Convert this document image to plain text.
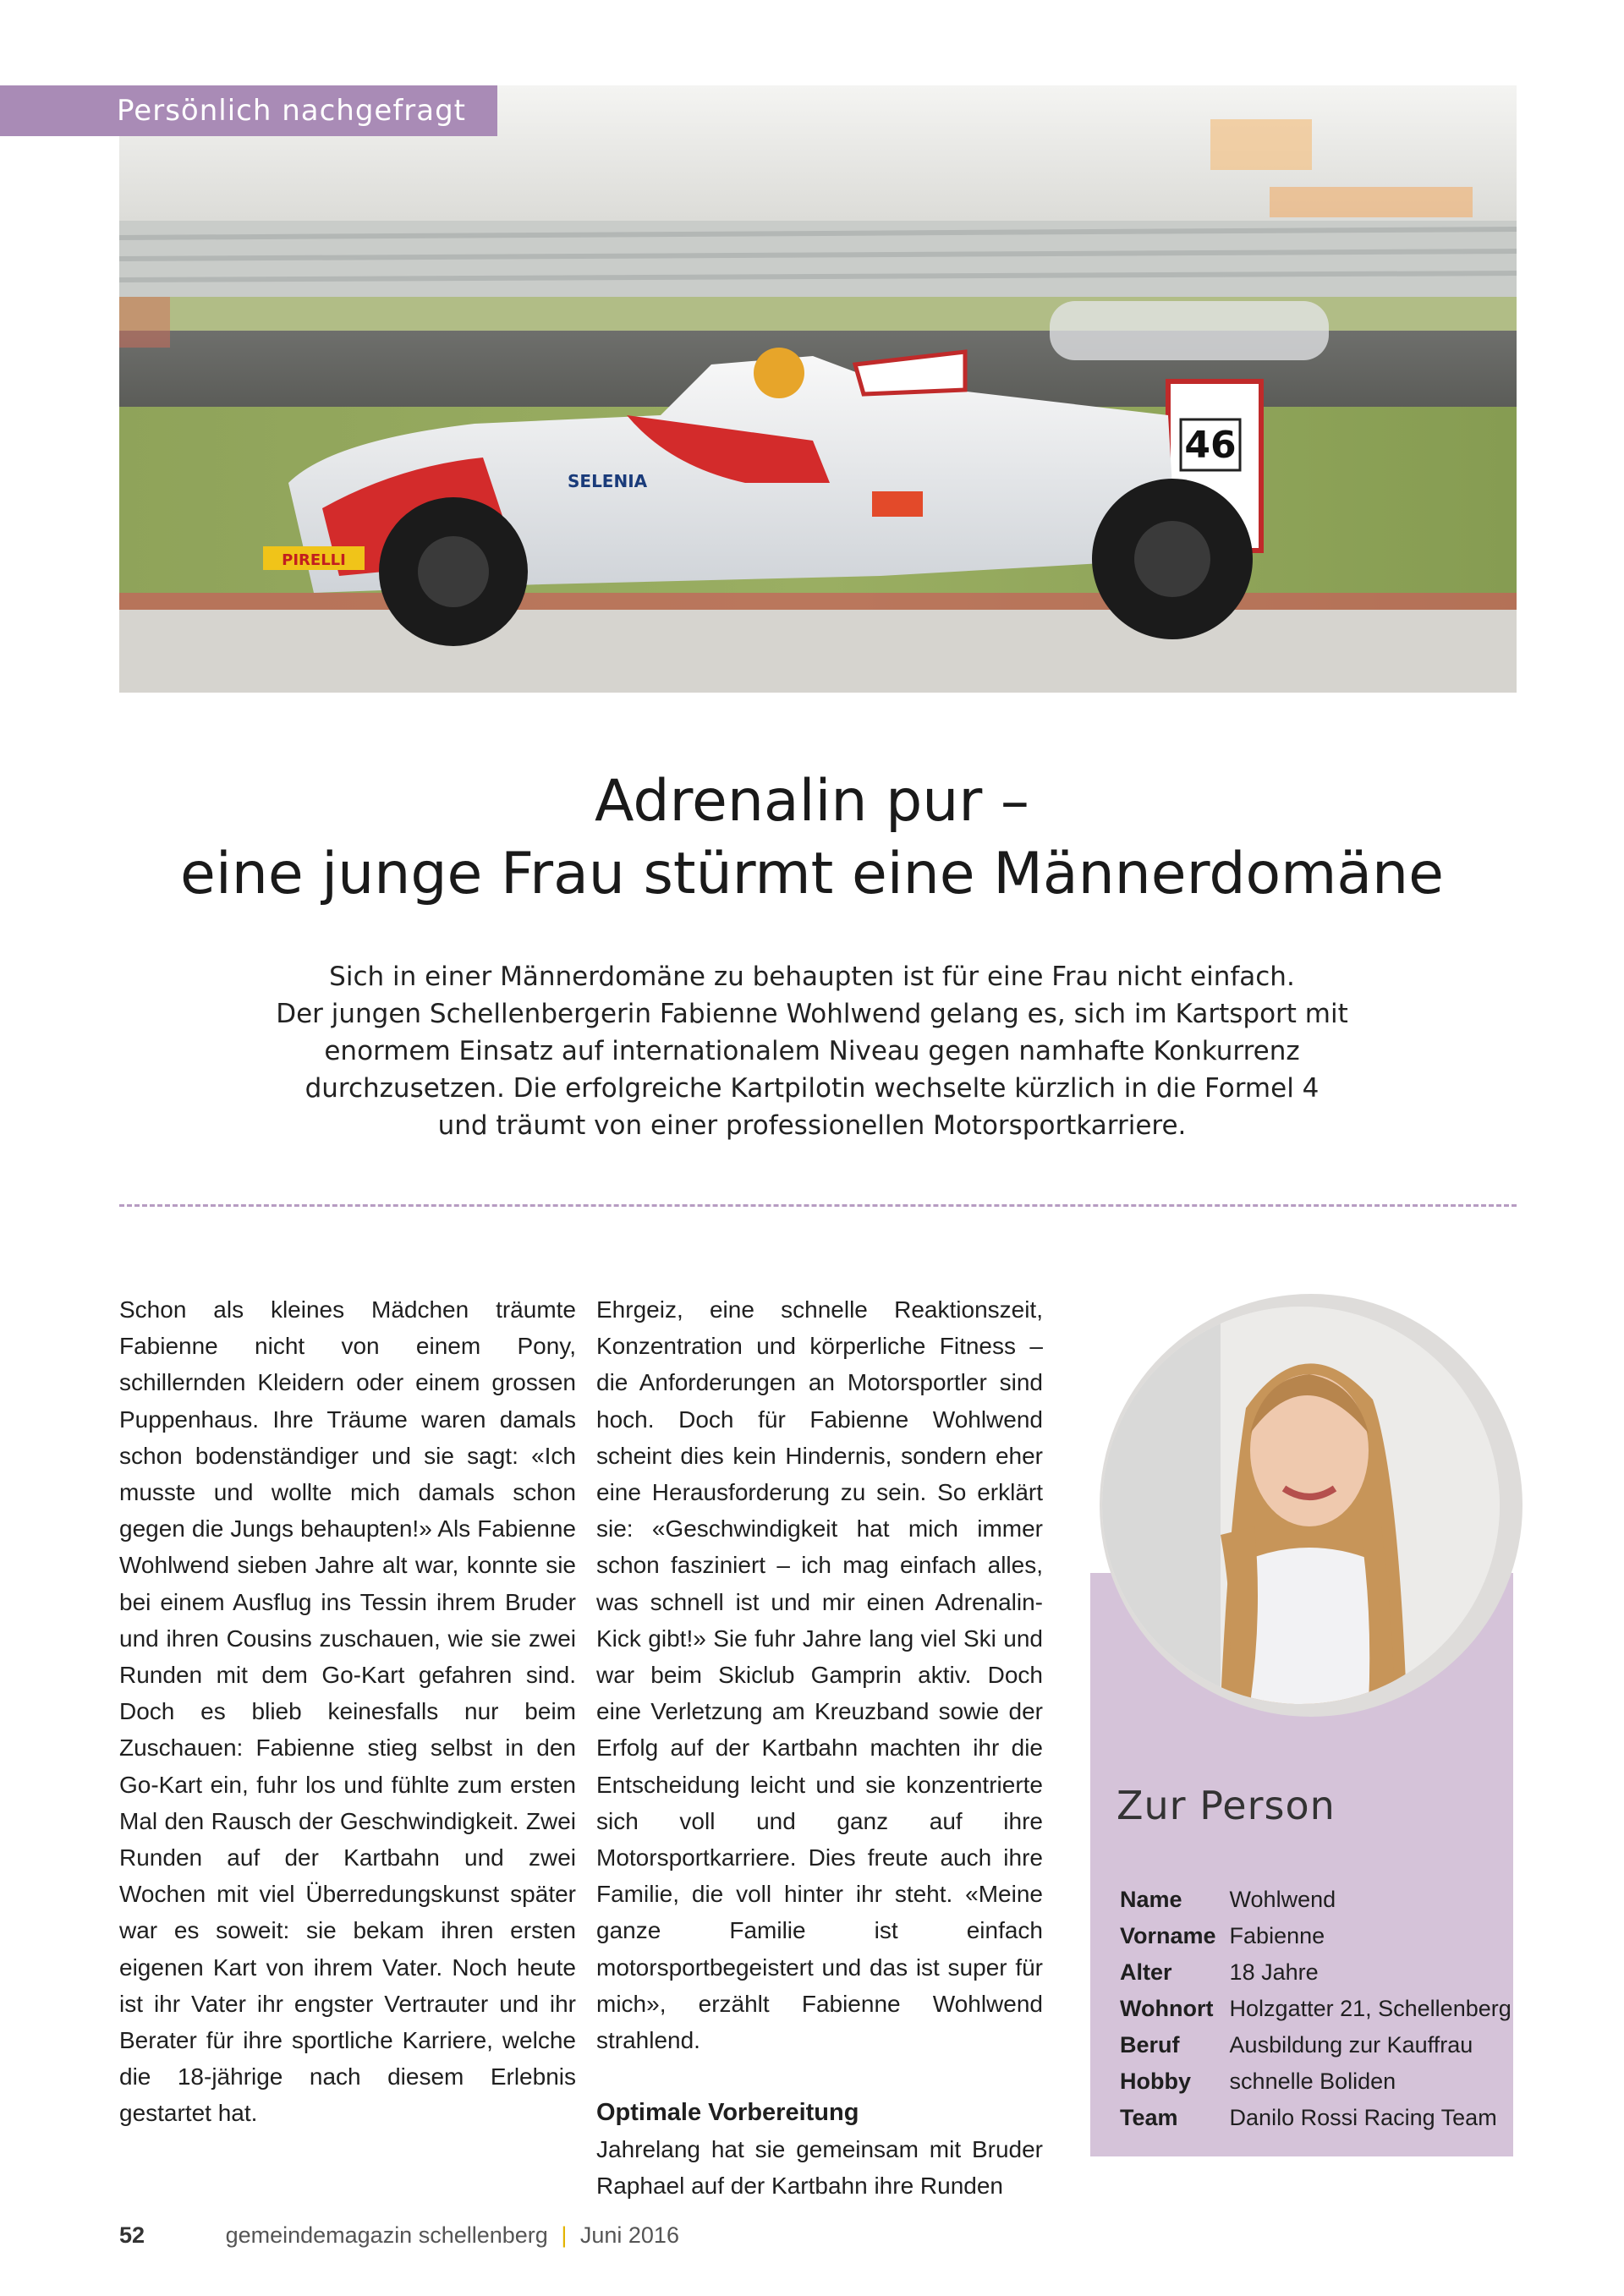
Persönlich nachgefragt
46
PIRELLI
SELENIA
Adrenalin pur –
eine junge Frau stürmt eine Männerdomäne

Sich in einer Männerdomäne zu behaupten ist für eine Frau nicht einfach.
Der jungen Schellenbergerin Fabienne Wohlwend gelang es, sich im Kartsport mit
enormem Einsatz auf internationalem Niveau gegen namhafte Konkurrenz
durchzusetzen. Die erfolgreiche Kartpilotin wechselte kürzlich in die Formel 4
und träumt von einer professionellen Motorsportkarriere.

Schon als kleines Mädchen träumte Fabienne nicht von einem Pony, schillernden Kleidern oder einem grossen Puppenhaus. Ihre Träume waren damals schon bodenständiger und sie sagt: «Ich musste und wollte mich damals schon gegen die Jungs behaupten!» Als Fabienne Wohlwend sieben Jahre alt war, konnte sie bei einem Ausflug ins Tessin ihrem Bruder und ihren Cousins zuschauen, wie sie zwei Runden mit dem Go-Kart gefahren sind. Doch es blieb keinesfalls nur beim Zuschauen: Fabienne stieg selbst in den Go-Kart ein, fuhr los und fühlte zum ersten Mal den Rausch der Geschwindigkeit. Zwei Runden auf der Kartbahn und zwei Wochen mit viel Überredungskunst später war es soweit: sie bekam ihren ersten eigenen Kart von ihrem Vater. Noch heute ist ihr Vater ihr engster Vertrauter und ihr Berater für ihre sportliche Karriere, welche die 18-jährige nach diesem Erlebnis gestartet hat.

Ehrgeiz, eine schnelle Reaktionszeit, Konzentration und körperliche Fitness – die Anforderungen an Motorsportler sind hoch. Doch für Fabienne Wohlwend scheint dies kein Hindernis, sondern eher eine Herausforderung zu sein. So erklärt sie: «Geschwindigkeit hat mich immer schon fasziniert – ich mag einfach alles, was schnell ist und mir einen Adrenalin-Kick gibt!» Sie fuhr Jahre lang viel Ski und war beim Skiclub Gamprin aktiv. Doch eine Verletzung am Kreuzband sowie der Erfolg auf der Kartbahn machten ihr die Entscheidung leicht und sie konzentrierte sich voll und ganz auf ihre Motorsportkarriere. Dies freute auch ihre Familie, die voll hinter ihr steht. «Meine ganze Familie ist einfach motorsportbegeistert und das ist super für mich», erzählt Fabienne Wohlwend strahlend.

Optimale Vorbereitung

Jahrelang hat sie gemeinsam mit Bruder Raphael auf der Kartbahn ihre Runden

Zur Person
Name	Wohlwend
Vorname	Fabienne
Alter	18 Jahre
Wohnort	Holzgatter 21, Schellenberg
Beruf	Ausbildung zur Kauffrau
Hobby	schnelle Boliden
Team	Danilo Rossi Racing Team
52	gemeindemagazin schellenberg | Juni 2016
